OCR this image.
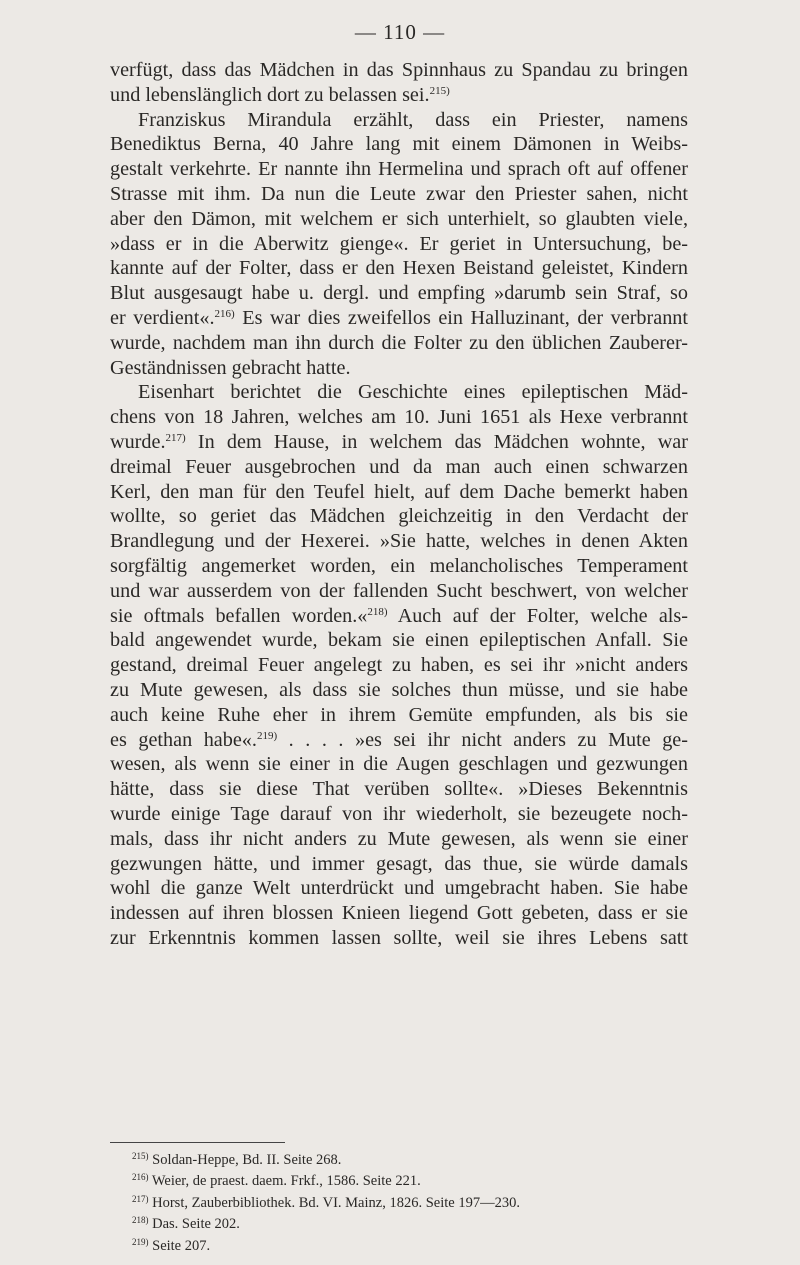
— 110 —
verfügt, dass das Mädchen in das Spinnhaus zu Spandau zu bringen
und lebenslänglich dort zu belassen sei.$^{215)}$
Franziskus Mirandula erzählt, dass ein Priester, namens
Benediktus Berna, 40 Jahre lang mit einem Dämonen in Weibs-
gestalt verkehrte. Er nannte ihn Hermelina und sprach oft auf offener
Strasse mit ihm. Da nun die Leute zwar den Priester sahen, nicht
aber den Dämon, mit welchem er sich unterhielt, so glaubten viele,
»dass er in die Aberwitz gienge«. Er geriet in Untersuchung, be-
kannte auf der Folter, dass er den Hexen Beistand geleistet, Kindern
Blut ausgesaugt habe u. dergl. und empfing »darumb sein Straf, so
er verdient«.$^{216)}$ Es war dies zweifellos ein Halluzinant, der verbrannt
wurde, nachdem man ihn durch die Folter zu den üblichen Zauberer-
Geständnissen gebracht hatte.
Eisenhart berichtet die Geschichte eines epileptischen Mäd-
chens von 18 Jahren, welches am 10. Juni 1651 als Hexe verbrannt
wurde.$^{217)}$ In dem Hause, in welchem das Mädchen wohnte, war
dreimal Feuer ausgebrochen und da man auch einen schwarzen
Kerl, den man für den Teufel hielt, auf dem Dache bemerkt haben
wollte, so geriet das Mädchen gleichzeitig in den Verdacht der
Brandlegung und der Hexerei. »Sie hatte, welches in denen Akten
sorgfältig angemerket worden, ein melancholisches Temperament
und war ausserdem von der fallenden Sucht beschwert, von welcher
sie oftmals befallen worden.«$^{218)}$ Auch auf der Folter, welche als-
bald angewendet wurde, bekam sie einen epileptischen Anfall. Sie
gestand, dreimal Feuer angelegt zu haben, es sei ihr »nicht anders
zu Mute gewesen, als dass sie solches thun müsse, und sie habe
auch keine Ruhe eher in ihrem Gemüte empfunden, als bis sie
es gethan habe«.$^{219)}$ . . . . »es sei ihr nicht anders zu Mute ge-
wesen, als wenn sie einer in die Augen geschlagen und gezwungen
hätte, dass sie diese That verüben sollte«. »Dieses Bekenntnis
wurde einige Tage darauf von ihr wiederholt, sie bezeugete noch-
mals, dass ihr nicht anders zu Mute gewesen, als wenn sie einer
gezwungen hätte, und immer gesagt, das thue, sie würde damals
wohl die ganze Welt unterdrückt und umgebracht haben. Sie habe
indessen auf ihren blossen Knieen liegend Gott gebeten, dass er sie
zur Erkenntnis kommen lassen sollte, weil sie ihres Lebens satt
$^{215)}$ Soldan-Heppe, Bd. II. Seite 268.
$^{216)}$ Weier, de praest. daem. Frkf., 1586. Seite 221.
$^{217)}$ Horst, Zauberbibliothek. Bd. VI. Mainz, 1826. Seite 197—230.
$^{218)}$ Das. Seite 202.
$^{219)}$ Seite 207.
